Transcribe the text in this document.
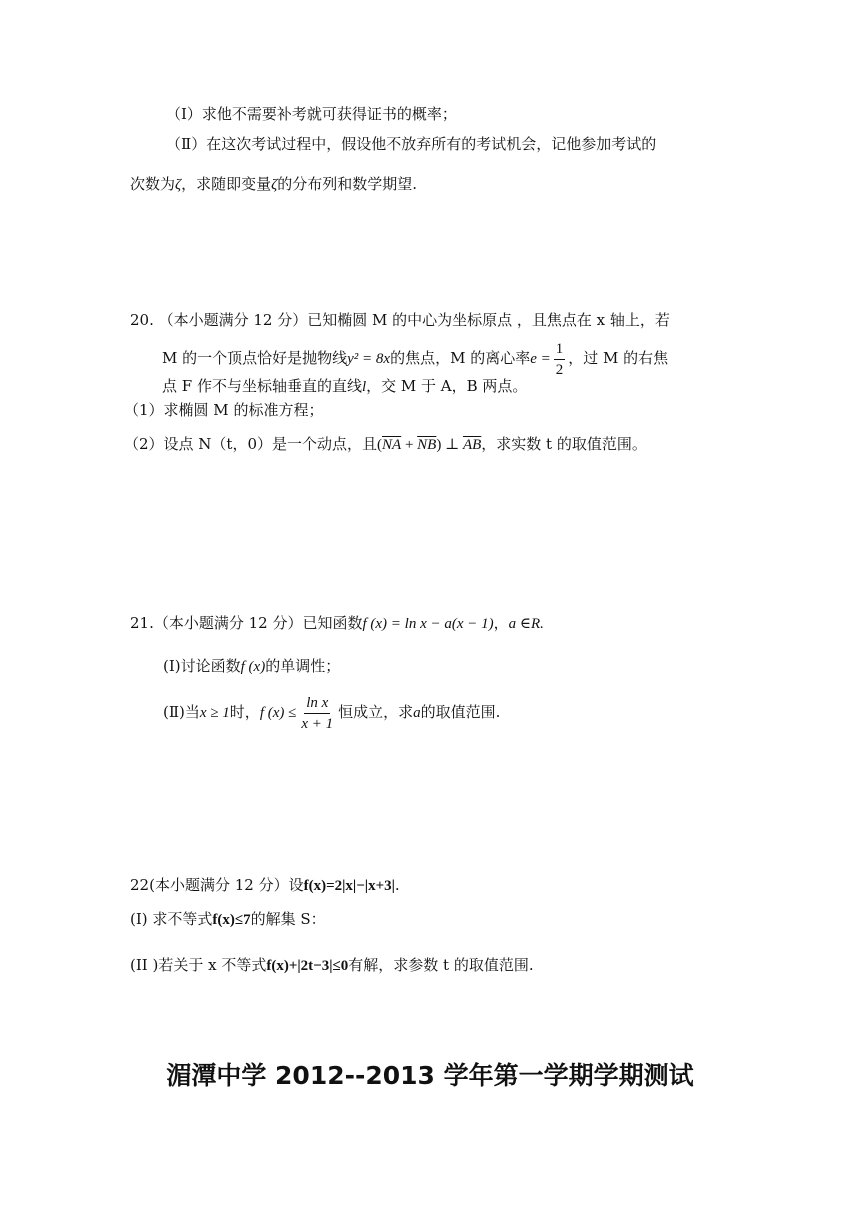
（Ⅰ）求他不需要补考就可获得证书的概率；
（Ⅱ）在这次考试过程中，假设他不放弃所有的考试机会，记他参加考试的
次数为ζ，求随即变量ζ的分布列和数学期望.
20. （本小题满分 12 分）已知椭圆 M 的中心为坐标原点 ，且焦点在 x 轴上，若
M 的一个顶点恰好是抛物线y² = 8x的焦点，M 的离心率$e = \frac{1}{2}$ ，过 M 的右焦
点 F 作不与坐标轴垂直的直线l，交 M 于 A，B 两点。
（1）求椭圆 M 的标准方程；
（2）设点 N（t，0）是一个动点，且$(\overline{NA} + \overline{NB})$ ⊥ $\overline{AB}$，求实数 t 的取值范围。
21.（本小题满分 12 分）已知函数f (x) = ln x − a(x − 1)，a ∈R.
(Ⅰ)讨论函数f (x)的单调性；
(Ⅱ)当x ≥ 1时，f $(x) \le \frac{\text{ln x}}{x + 1}$ 恒成立，求a的取值范围.
22(本小题满分 12 分）设f(x)=2|x|−|x+3|.
(Ⅰ) 求不等式f(x)≤7的解集 S：
(II )若关于 x 不等式f(x)+|2t−3|≤0有解，求参数 t 的取值范围.
湄潭中学 2012--2013 学年第一学期学期测试
